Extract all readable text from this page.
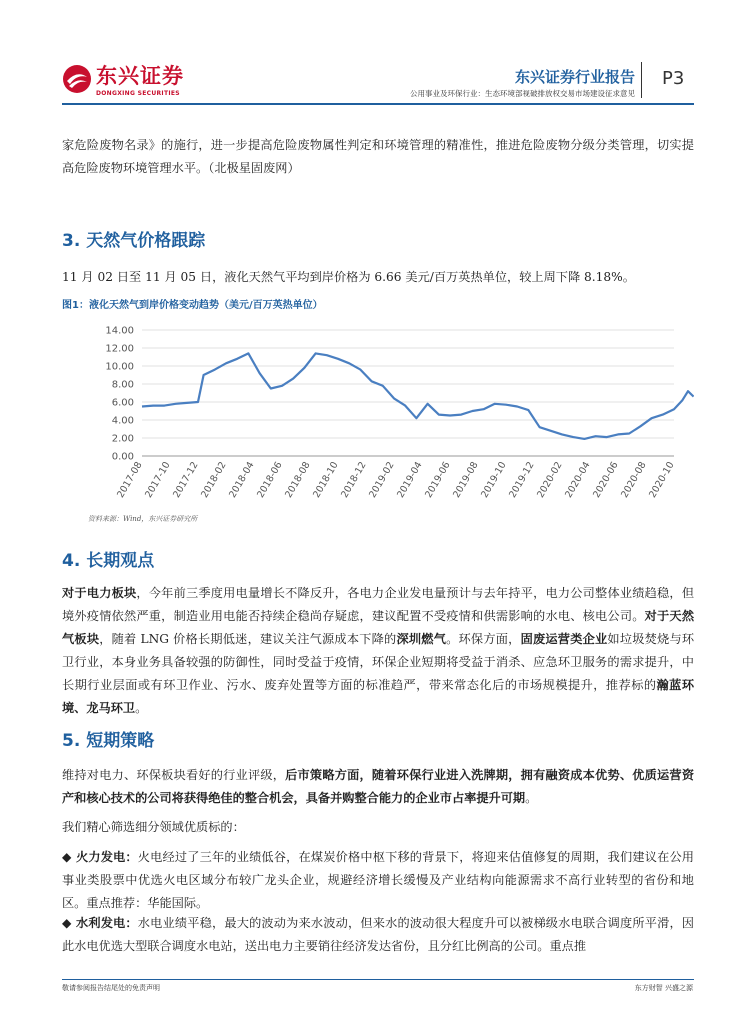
东兴证券
DONGXING SECURITIES
东兴证券行业报告
公用事业及环保行业：生态环境部视破排放权交易市场建设征求意见
P3
家危险废物名录》的施行，进一步提高危险废物属性判定和环境管理的精准性，推进危险废物分级分类管理，切实提高危险废物环境管理水平。（北极星固废网）
3. 天然气价格跟踪
11 月 02 日至 11 月 05 日，液化天然气平均到岸价格为 6.66 美元/百万英热单位，较上周下降 8.18%。
图1：液化天然气到岸价格变动趋势（美元/百万英热单位）
0.00
2.00
4.00
6.00
8.00
10.00
12.00
14.00
2017-08
2017-10
2017-12
2018-02
2018-04
2018-06
2018-08
2018-10
2018-12
2019-02
2019-04
2019-06
2019-08
2019-10
2019-12
2020-02
2020-04
2020-06
2020-08
2020-10
资料来源：Wind，东兴证券研究所
4. 长期观点
对于电力板块，今年前三季度用电量增长不降反升，各电力企业发电量预计与去年持平，电力公司整体业绩趋稳，但境外疫情依然严重，制造业用电能否持续企稳尚存疑虑，建议配置不受疫情和供需影响的水电、核电公司。对于天然气板块，随着 LNG 价格长期低迷，建议关注气源成本下降的深圳燃气。环保方面，固废运营类企业如垃圾焚烧与环卫行业，本身业务具备较强的防御性，同时受益于疫情，环保企业短期将受益于消杀、应急环卫服务的需求提升，中长期行业层面或有环卫作业、污水、废弃处置等方面的标准趋严，带来常态化后的市场规模提升，推荐标的瀚蓝环境、龙马环卫。
5. 短期策略
维持对电力、环保板块看好的行业评级，后市策略方面，随着环保行业进入洗牌期，拥有融资成本优势、优质运营资产和核心技术的公司将获得绝佳的整合机会，具备并购整合能力的企业市占率提升可期。
我们精心筛选细分领域优质标的：
◆ 火力发电：火电经过了三年的业绩低谷，在煤炭价格中枢下移的背景下，将迎来估值修复的周期，我们建议在公用事业类股票中优选火电区域分布较广龙头企业，规避经济增长缓慢及产业结构向能源需求不高行业转型的省份和地区。重点推荐：华能国际。
◆ 水利发电：水电业绩平稳，最大的波动为来水波动，但来水的波动很大程度升可以被梯级水电联合调度所平滑，因此水电优选大型联合调度水电站，送出电力主要销往经济发达省份，且分红比例高的公司。重点推
敬请参阅报告结尾处的免责声明	东方财智 兴盛之源
